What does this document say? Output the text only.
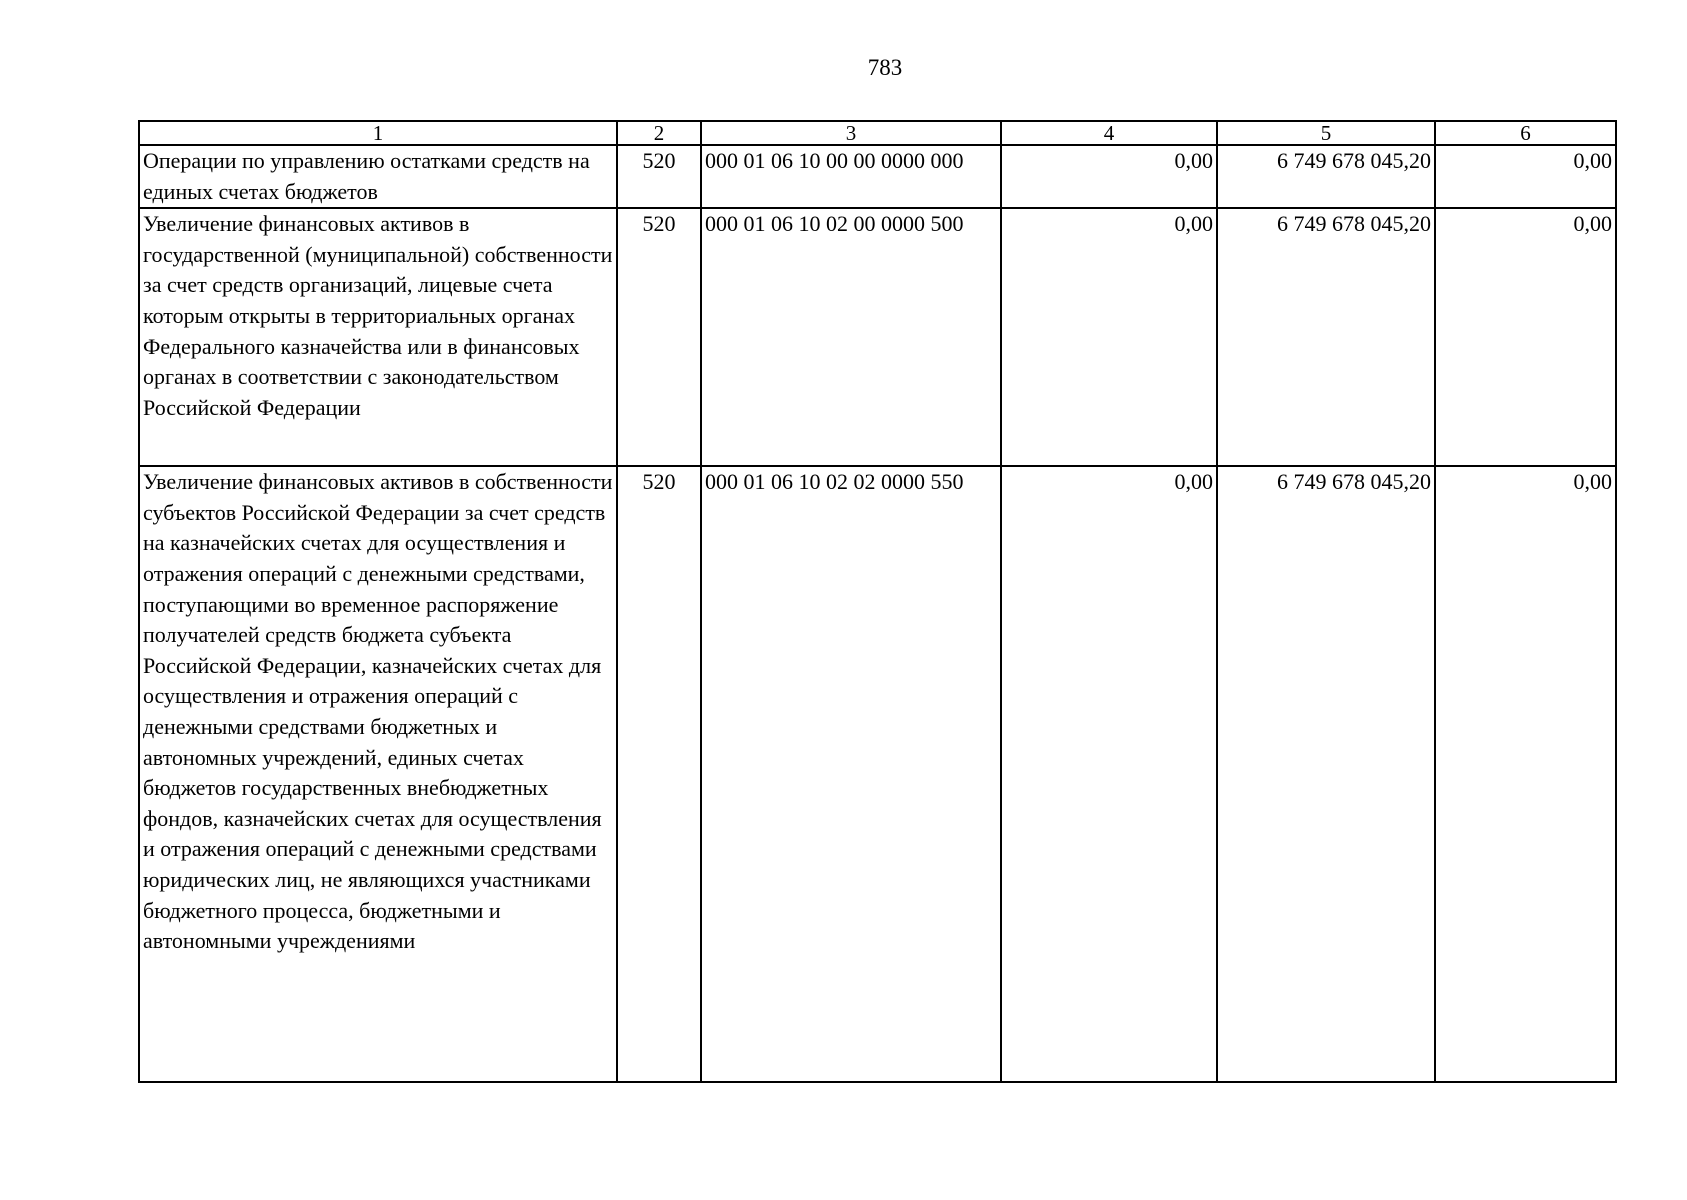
783
1	2	3	4	5	6
Операции по управлению остатками средств на единых счетах бюджетов	520	000 01 06 10 00 00 0000 000	0,00	6 749 678 045,20	0,00
Увеличение финансовых активов в государственной (муниципальной) собственности за счет средств организаций, лицевые счета которым открыты в территориальных органах Федерального казначейства или в финансовых органах в соответствии с законодательством Российской Федерации	520	000 01 06 10 02 00 0000 500	0,00	6 749 678 045,20	0,00
Увеличение финансовых активов в собственности субъектов Российской Федерации за счет средств на казначейских счетах для осуществления и отражения операций с денежными средствами, поступающими во временное распоряжение получателей средств бюджета субъекта Российской Федерации, казначейских счетах для осуществления и отражения операций с денежными средствами бюджетных и автономных учреждений, единых счетах бюджетов государственных внебюджетных фондов, казначейских счетах для осуществления и отражения операций с денежными средствами юридических лиц, не являющихся участниками бюджетного процесса, бюджетными и автономными учреждениями	520	000 01 06 10 02 02 0000 550	0,00	6 749 678 045,20	0,00
